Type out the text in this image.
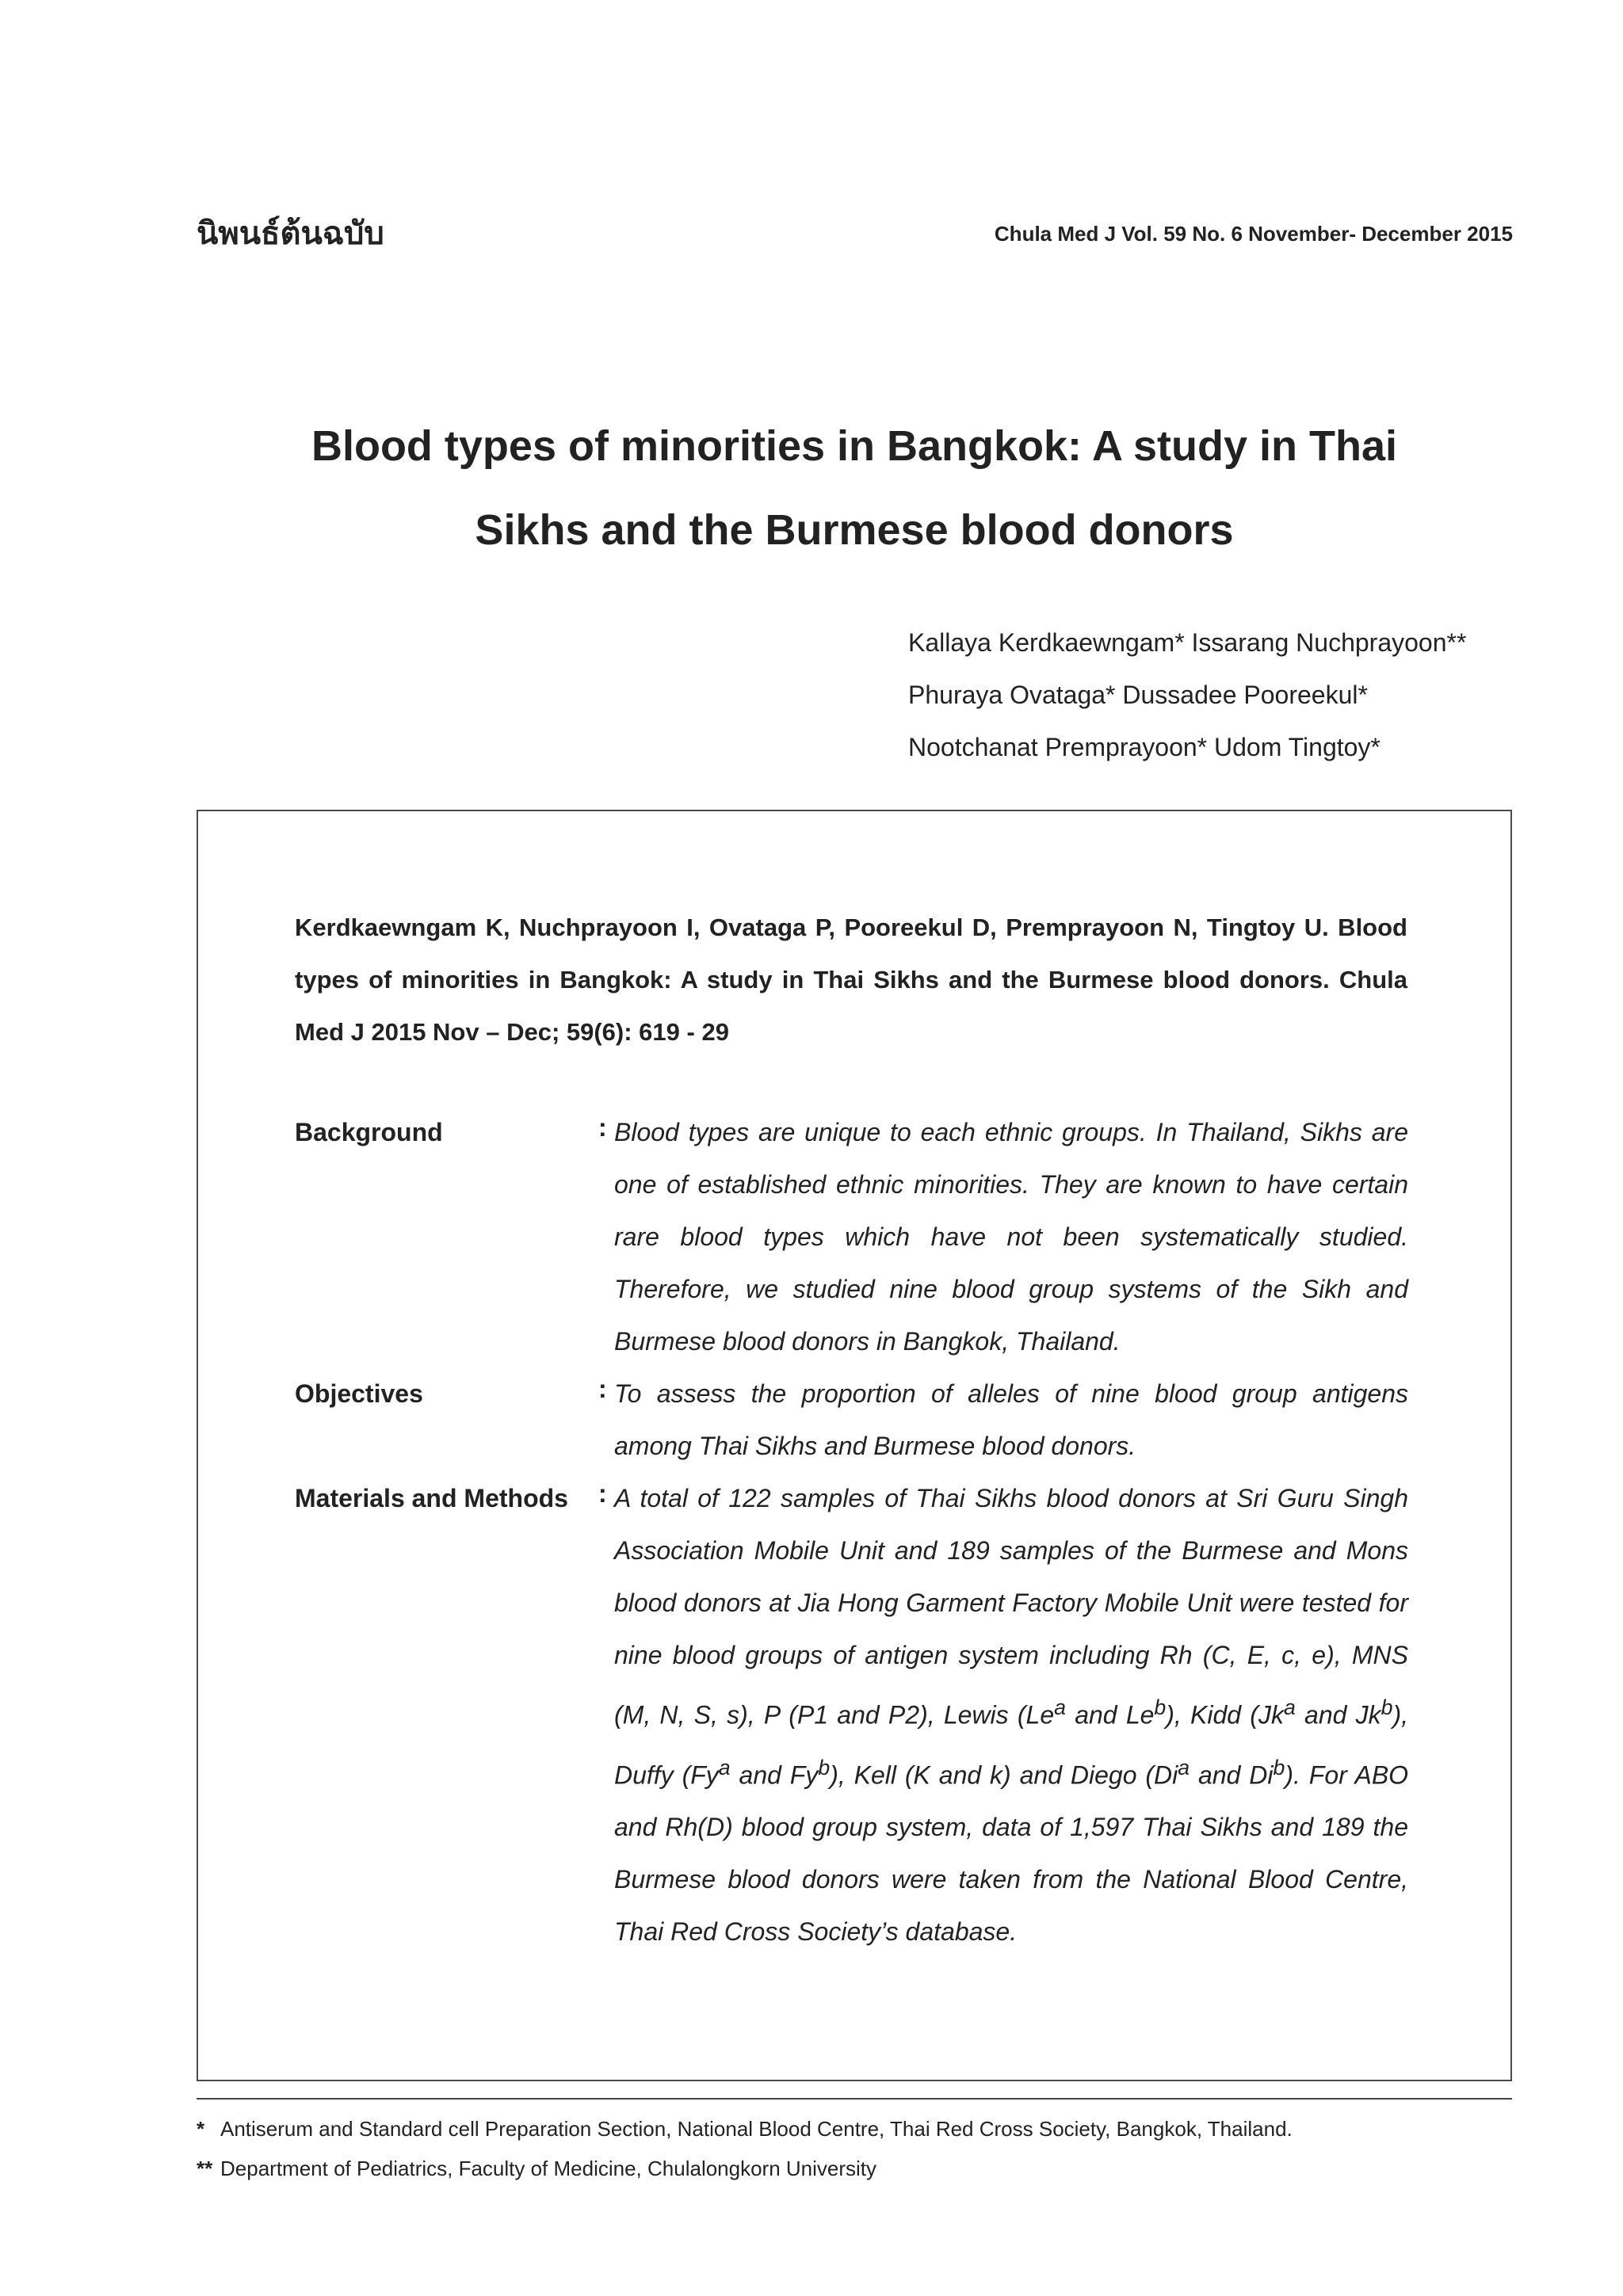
นิพนธ์ต้นฉบับ	Chula Med J Vol. 59 No. 6 November- December 2015
Blood types of minorities in Bangkok: A study in Thai
Sikhs and the Burmese blood donors
Kallaya Kerdkaewngam* Issarang Nuchprayoon**
Phuraya Ovataga* Dussadee Pooreekul*
Nootchanat Premprayoon* Udom Tingtoy*
Kerdkaewngam K, Nuchprayoon I, Ovataga P, Pooreekul D, Premprayoon N, Tingtoy U. Blood types of minorities in Bangkok: A study in Thai Sikhs and the Burmese blood donors. Chula Med J 2015 Nov – Dec; 59(6): 619 - 29
Background	: Blood types are unique to each ethnic groups. In Thailand, Sikhs are one of established ethnic minorities. They are known to have certain rare blood types which have not been systematically studied. Therefore, we studied nine blood group systems of the Sikh and Burmese blood donors in Bangkok, Thailand.
Objectives	: To assess the proportion of alleles of nine blood group antigens among Thai Sikhs and Burmese blood donors.
Materials and Methods : A total of 122 samples of Thai Sikhs blood donors at Sri Guru Singh Association Mobile Unit and 189 samples of the Burmese and Mons blood donors at Jia Hong Garment Factory Mobile Unit were tested for nine blood groups of antigen system including Rh (C, E, c, e), MNS (M, N, S, s), P (P1 and P2), Lewis (Le$^a$ and Le$^b$), Kidd (Jk$^a$ and Jk$^b$), Duffy (Fy$^a$ and Fy$^b$), Kell (K and k) and Diego (Di$^a$ and Di$^b$). For ABO and Rh(D) blood group system, data of 1,597 Thai Sikhs and 189 the Burmese blood donors were taken from the National Blood Centre, Thai Red Cross Society’s database.
* Antiserum and Standard cell Preparation Section, National Blood Centre, Thai Red Cross Society, Bangkok, Thailand.
** Department of Pediatrics, Faculty of Medicine, Chulalongkorn University
